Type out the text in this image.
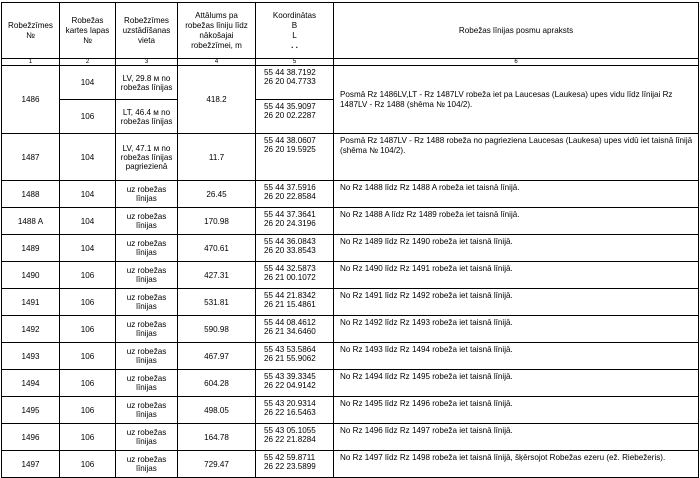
Robežzīmes №	Robežas kartes lapas №	Robežzīmes uzstādīšanas vieta	Attālums pa robežas līniju līdz nākošajai robežzīmei, m	Koordinātas
B
L
. .	Robežas līnijas posmu apraksts
1	2	3	4	5	6
1486	104	LV, 29.8 м no robežas līnijas	418.2	55 44 38.7192
26 20 04.7733	Posmā Rz 1486LV,LT - Rz 1487LV robeža iet pa Laucesas (Laukesa) upes vidu līdz līnijai Rz 1487LV - Rz 1488 (shēma № 104/2).
	106	LT, 46.4 м no robežas līnijas		55 44 35.9097
26 20 02.2287	

1487	104	LV, 47.1 м no robežas līnijas pagriezienā	11.7	55 44 38.0607
26 20 19.5925	Posmā Rz 1487LV - Rz 1488 robeža no pagrieziena Laucesas (Laukesa) upes vidū iet taisnā līnijā (shēma № 104/2).
1488	104	uz robežas līnijas	26.45	55 44 37.5916
26 20 22.8584	No Rz 1488 līdz Rz 1488 A robeža iet taisnā līnijā.
1488 A	104	uz robežas līnijas	170.98	55 44 37.3641
26 20 24.3196	No Rz 1488 A līdz Rz 1489 robeža iet taisnā līnijā.
1489	104	uz robežas līnijas	470.61	55 44 36.0843
26 20 33.8543	No Rz 1489 līdz Rz 1490 robeža iet taisnā līnijā.
1490	106	uz robežas līnijas	427.31	55 44 32.5873
26 21 00.1072	No Rz 1490 līdz Rz 1491 robeža iet taisnā līnijā.
1491	106	uz robežas līnijas	531.81	55 44 21.8342
26 21 15.4861	No Rz 1491 līdz Rz 1492 robeža iet taisnā līnijā.
1492	106	uz robežas līnijas	590.98	55 44 08.4612
26 21 34.6460	No Rz 1492 līdz Rz 1493 robeža iet taisnā līnijā.
1493	106	uz robežas līnijas	467.97	55 43 53.5864
26 21 55.9062	No Rz 1493 līdz Rz 1494 robeža iet taisnā līnijā.
1494	106	uz robežas līnijas	604.28	55 43 39.3345
26 22 04.9142	No Rz 1494 līdz Rz 1495 robeža iet taisnā līnijā.
1495	106	uz robežas līnijas	498.05	55 43 20.9314
26 22 16.5463	No Rz 1495 līdz Rz 1496 robeža iet taisnā līnijā.
1496	106	uz robežas līnijas	164.78	55 43 05.1055
26 22 21.8284	No Rz 1496 līdz Rz 1497 robeža iet taisnā līnijā.
1497	106	uz robežas līnijas	729.47	55 42 59.8711
26 22 23.5899	No Rz 1497 līdz Rz 1498 robeža iet taisnā līnijā, šķērsojot Robežas ezeru (ež. Riebežeris).
